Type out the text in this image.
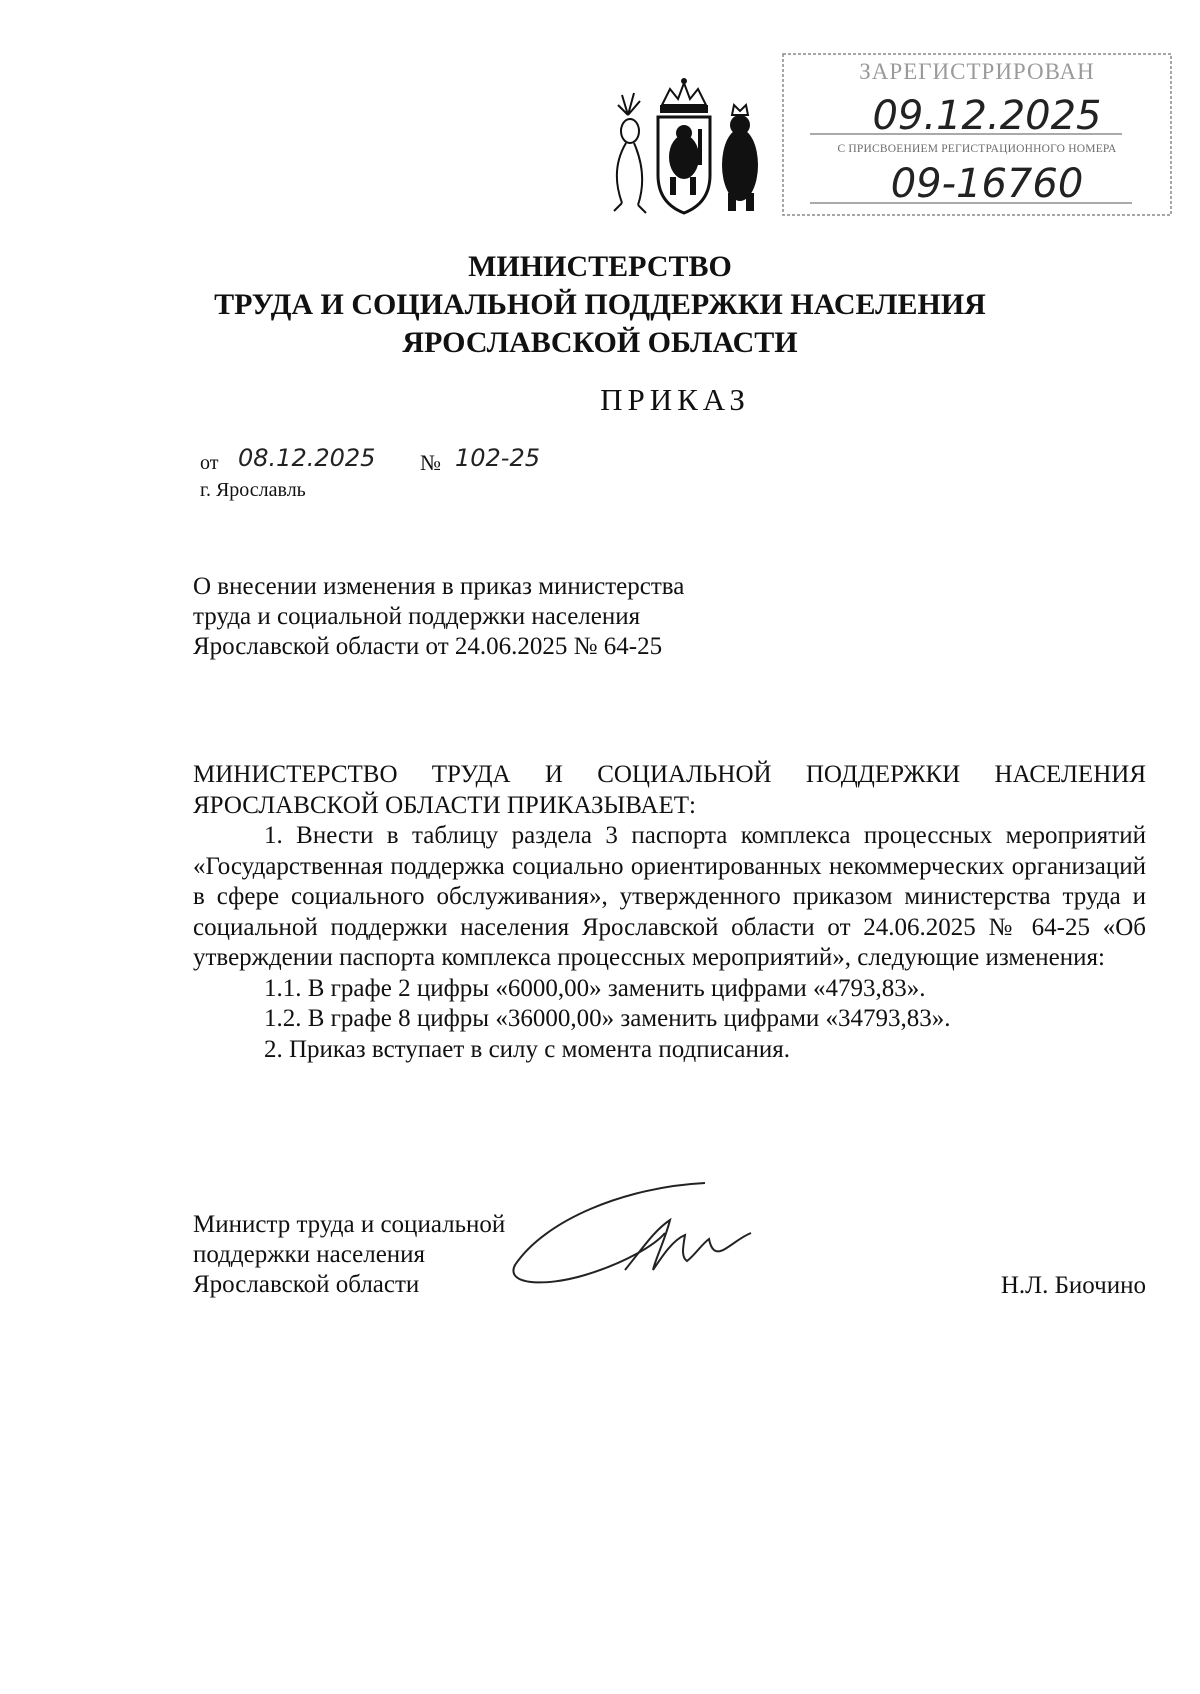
ЗАРЕГИСТРИРОВАН
09.12.2025
С ПРИСВОЕНИЕМ РЕГИСТРАЦИОННОГО НОМЕРА
09-16760
МИНИСТЕРСТВО
ТРУДА И СОЦИАЛЬНОЙ ПОДДЕРЖКИ НАСЕЛЕНИЯ
ЯРОСЛАВСКОЙ ОБЛАСТИ
ПРИКАЗ
от 08.12.2025 № 102-25
г. Ярославль
О внесении изменения в приказ министерства труда и социальной поддержки населения Ярославской области от 24.06.2025 № 64-25

МИНИСТЕРСТВО ТРУДА И СОЦИАЛЬНОЙ ПОДДЕРЖКИ НАСЕЛЕНИЯ ЯРОСЛАВСКОЙ ОБЛАСТИ ПРИКАЗЫВАЕТ:

1. Внести в таблицу раздела 3 паспорта комплекса процессных мероприятий «Государственная поддержка социально ориентированных некоммерческих организаций в сфере социального обслуживания», утвержденного приказом министерства труда и социальной поддержки населения Ярославской области от 24.06.2025 № 64-25 «Об утверждении паспорта комплекса процессных мероприятий», следующие изменения:

1.1. В графе 2 цифры «6000,00» заменить цифрами «4793,83».

1.2. В графе 8 цифры «36000,00» заменить цифрами «34793,83».

2. Приказ вступает в силу с момента подписания.

Министр труда и социальной
поддержки населения
Ярославской области	Н.Л. Биочино
